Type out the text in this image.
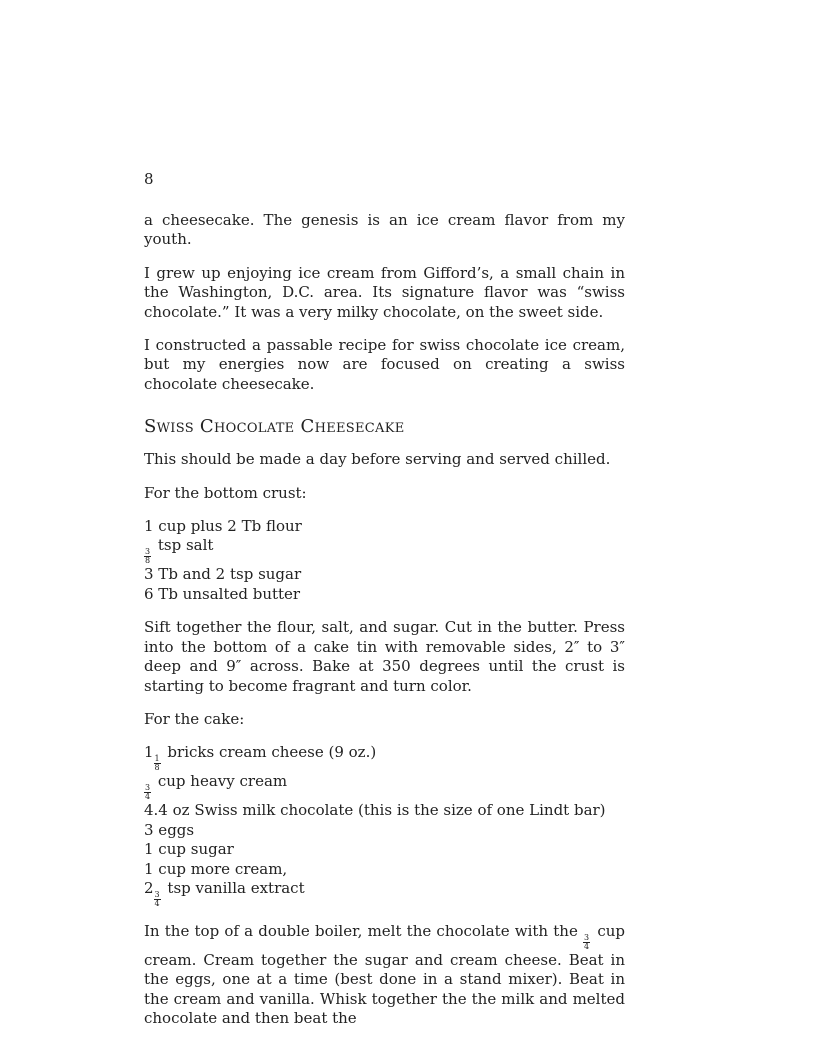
8

a cheesecake. The genesis is an ice cream flavor from my youth.

I grew up enjoying ice cream from Gifford’s, a small chain in the Washington, D.C. area. Its signature flavor was “swiss chocolate.” It was a very milky chocolate, on the sweet side.

I constructed a passable recipe for swiss chocolate ice cream, but my energies now are focused on creating a swiss chocolate cheesecake.

Swiss Chocolate Cheesecake

This should be made a day before serving and served chilled.

For the bottom crust:

1 cup plus 2 Tb flour
$\frac{3}{8}$
tsp salt
3 Tb and 2 tsp sugar
6 Tb unsalted butter

Sift together the flour, salt, and sugar. Cut in the butter. Press into the bottom of a cake tin with removable sides, 2″ to 3″ deep and 9″ across. Bake at 350 degrees until the crust is starting to become fragrant and turn color.

For the cake:

1
$\frac{1}{8}$
bricks cream cheese (9 oz.)
$\frac{3}{4}$
cup heavy cream
4.4 oz Swiss milk chocolate (this is the size of one Lindt bar)
3 eggs
1 cup sugar
1 cup more cream,
2
$\frac{3}{4}$
tsp vanilla extract

In the top of a double boiler, melt the chocolate with the
$\frac{3}{4}$
cup cream. Cream together the sugar and cream cheese. Beat in the eggs, one at a time (best done in a stand mixer). Beat in the cream and vanilla. Whisk together the the milk and melted chocolate and then beat the
